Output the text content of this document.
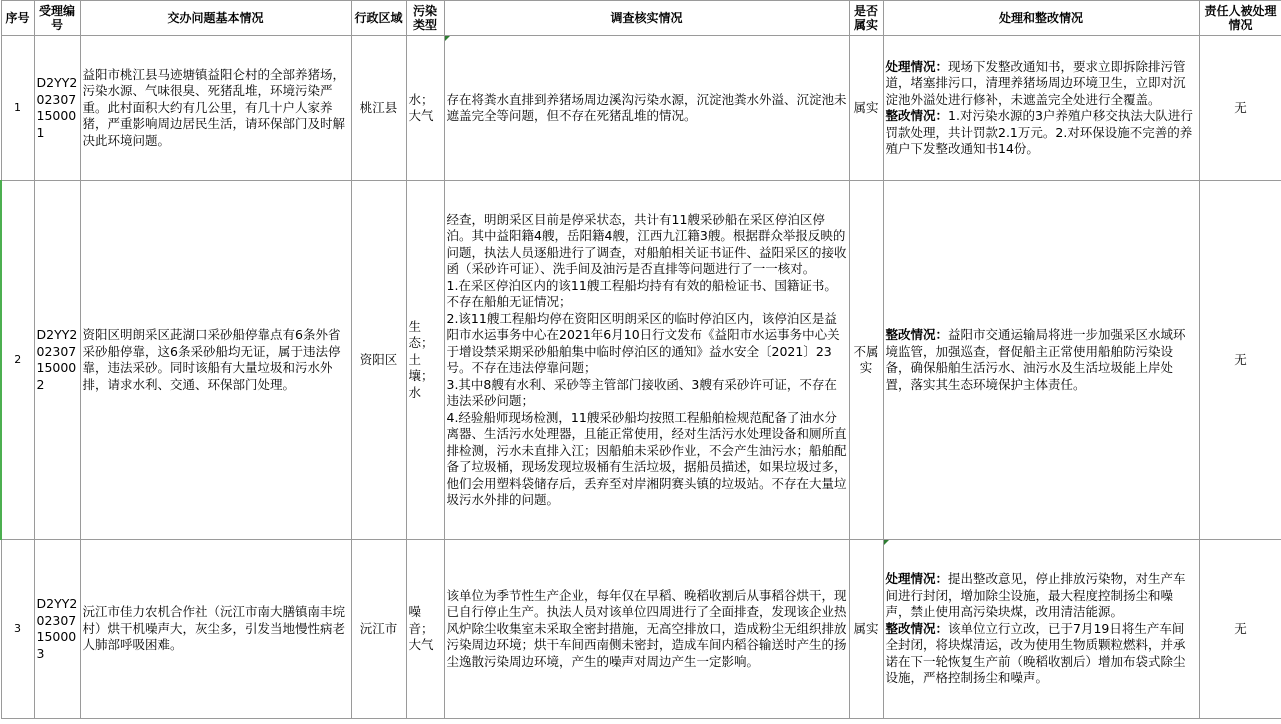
序号	受理编号	交办问题基本情况	行政区域	污染类型	调查核实情况	是否属实	处理和整改情况	责任人被处理情况
1	D2YY202307150001	益阳市桃江县马迹塘镇益阳仑村的全部养猪场，污染水源、气味很臭、死猪乱堆，环境污染严重。此村面积大约有几公里，有几十户人家养猪，严重影响周边居民生活，请环保部门及时解决此环境问题。	桃江县	水；大气	存在将粪水直排到养猪场周边溪沟污染水源，沉淀池粪水外溢、沉淀池未遮盖完全等问题，但不存在死猪乱堆的情况。	属实	处理情况：现场下发整改通知书，要求立即拆除排污管道，堵塞排污口，清理养猪场周边环境卫生，立即对沉淀池外溢处进行修补，未遮盖完全处进行全覆盖。
整改情况：1.对污染水源的3户养殖户移交执法大队进行罚款处理，共计罚款2.1万元。2.对环保设施不完善的养殖户下发整改通知书14份。	无
2	D2YY202307150002	资阳区明朗采区茈湖口采砂船停靠点有6条外省采砂船停靠，这6条采砂船均无证，属于违法停靠，违法采砂。同时该船有大量垃圾和污水外排，请求水利、交通、环保部门处理。	资阳区	生态；土壤；水	经查，明朗采区目前是停采状态，共计有11艘采砂船在采区停泊区停泊。其中益阳籍4艘，岳阳籍4艘，江西九江籍3艘。根据群众举报反映的问题，执法人员逐船进行了调查，对船舶相关证书证件、益阳采区的接收函（采砂许可证）、洗手间及油污是否直排等问题进行了一一核对。
1.在采区停泊区内的该11艘工程船均持有有效的船检证书、国籍证书。不存在船舶无证情况；
2.该11艘工程船均停在资阳区明朗采区的临时停泊区内，该停泊区是益阳市水运事务中心在2021年6月10日行文发布《益阳市水运事务中心关于增设禁采期采砂船舶集中临时停泊区的通知》益水安全〔2021〕23号。不存在违法停靠问题；
3.其中8艘有水利、采砂等主管部门接收函、3艘有采砂许可证，不存在违法采砂问题；
4.经验船师现场检测，11艘采砂船均按照工程船舶检规范配备了油水分离器、生活污水处理器，且能正常使用，经对生活污水处理设备和厕所直排检测，污水未直排入江；因船舶未采砂作业，不会产生油污水；船舶配备了垃圾桶，现场发现垃圾桶有生活垃圾，据船员描述，如果垃圾过多，他们会用塑料袋储存后，丢弃至对岸湘阴赛头镇的垃圾站。不存在大量垃圾污水外排的问题。	不属实	整改情况：益阳市交通运输局将进一步加强采区水域环境监管，加强巡查，督促船主正常使用船舶防污染设备，确保船舶生活污水、油污水及生活垃圾能上岸处置，落实其生态环境保护主体责任。	无
3	D2YY202307150003	沅江市佳力农机合作社（沅江市南大膳镇南丰垸村）烘干机噪声大，灰尘多，引发当地慢性病老人肺部呼吸困难。	沅江市	噪音；大气	该单位为季节性生产企业，每年仅在早稻、晚稻收割后从事稻谷烘干，现已自行停止生产。执法人员对该单位四周进行了全面排查，发现该企业热风炉除尘收集室未采取全密封措施，无高空排放口，造成粉尘无组织排放污染周边环境；烘干车间西南侧未密封，造成车间内稻谷输送时产生的扬尘逸散污染周边环境，产生的噪声对周边产生一定影响。	属实	处理情况：提出整改意见，停止排放污染物，对生产车间进行封闭，增加除尘设施，最大程度控制扬尘和噪声，禁止使用高污染块煤，改用清洁能源。
整改情况：该单位立行立改，已于7月19日将生产车间全封闭，将块煤清运，改为使用生物质颗粒燃料，并承诺在下一轮恢复生产前（晚稻收割后）增加布袋式除尘设施，严格控制扬尘和噪声。	无
